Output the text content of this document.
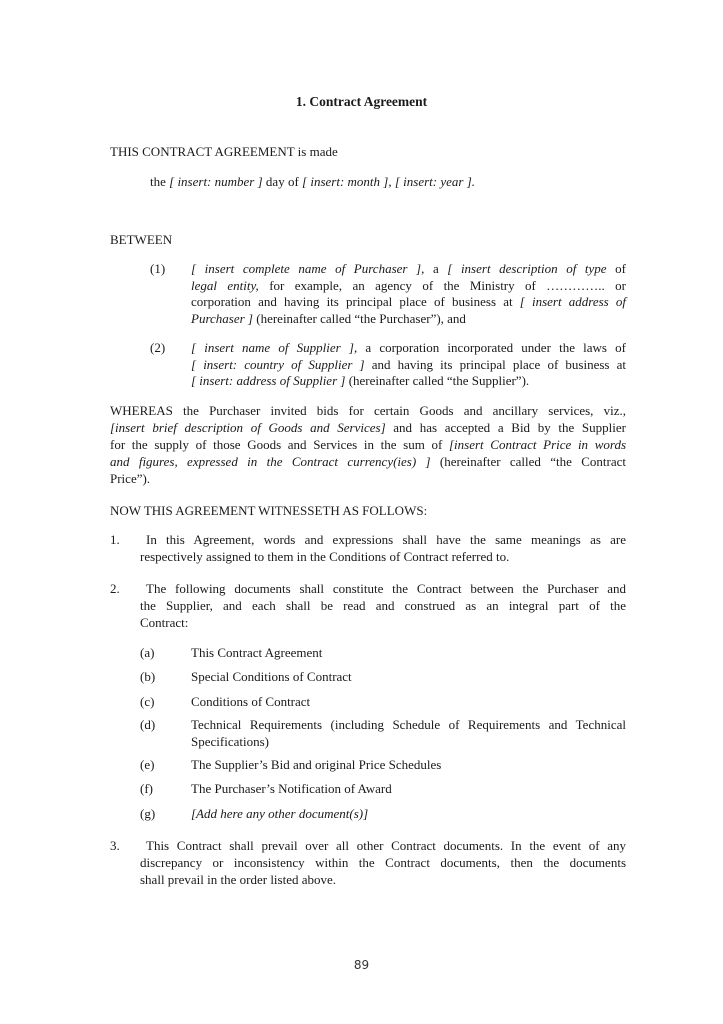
1. Contract Agreement
THIS CONTRACT AGREEMENT is made
the [ insert: number ] day of [ insert: month ], [ insert: year ].
BETWEEN
NOW THIS AGREEMENT WITNESSETH AS FOLLOWS:
89
(1) [ insert complete name of Purchaser ], a [ insert description of type of
legal entity, for example, an agency of the Ministry of ………….. or
corporation and having its principal place of business at [ insert address of
Purchaser ] (hereinafter called “the Purchaser”), and
(2) [ insert name of Supplier ], a corporation incorporated under the laws of
[ insert: country of Supplier ] and having its principal place of business at
[ insert: address of Supplier ] (hereinafter called “the Supplier”).
WHEREAS the Purchaser invited bids for certain Goods and ancillary services, viz.,
[insert brief description of Goods and Services] and has accepted a Bid by the Supplier
for the supply of those Goods and Services in the sum of [insert Contract Price in words
and figures, expressed in the Contract currency(ies) ] (hereinafter called “the Contract
Price”).
1. In this Agreement, words and expressions shall have the same meanings as are
respectively assigned to them in the Conditions of Contract referred to.
2. The following documents shall constitute the Contract between the Purchaser and
the Supplier, and each shall be read and construed as an integral part of the
Contract:
3. This Contract shall prevail over all other Contract documents. In the event of any
discrepancy or inconsistency within the Contract documents, then the documents
shall prevail in the order listed above.
(a)	This Contract Agreement
(b)	Special Conditions of Contract
(c)	Conditions of Contract
(d)	Technical Requirements (including Schedule of Requirements and Technical
Specifications)
(e)	The Supplier’s Bid and original Price Schedules
(f)	The Purchaser’s Notification of Award
(g)	[Add here any other document(s)]
